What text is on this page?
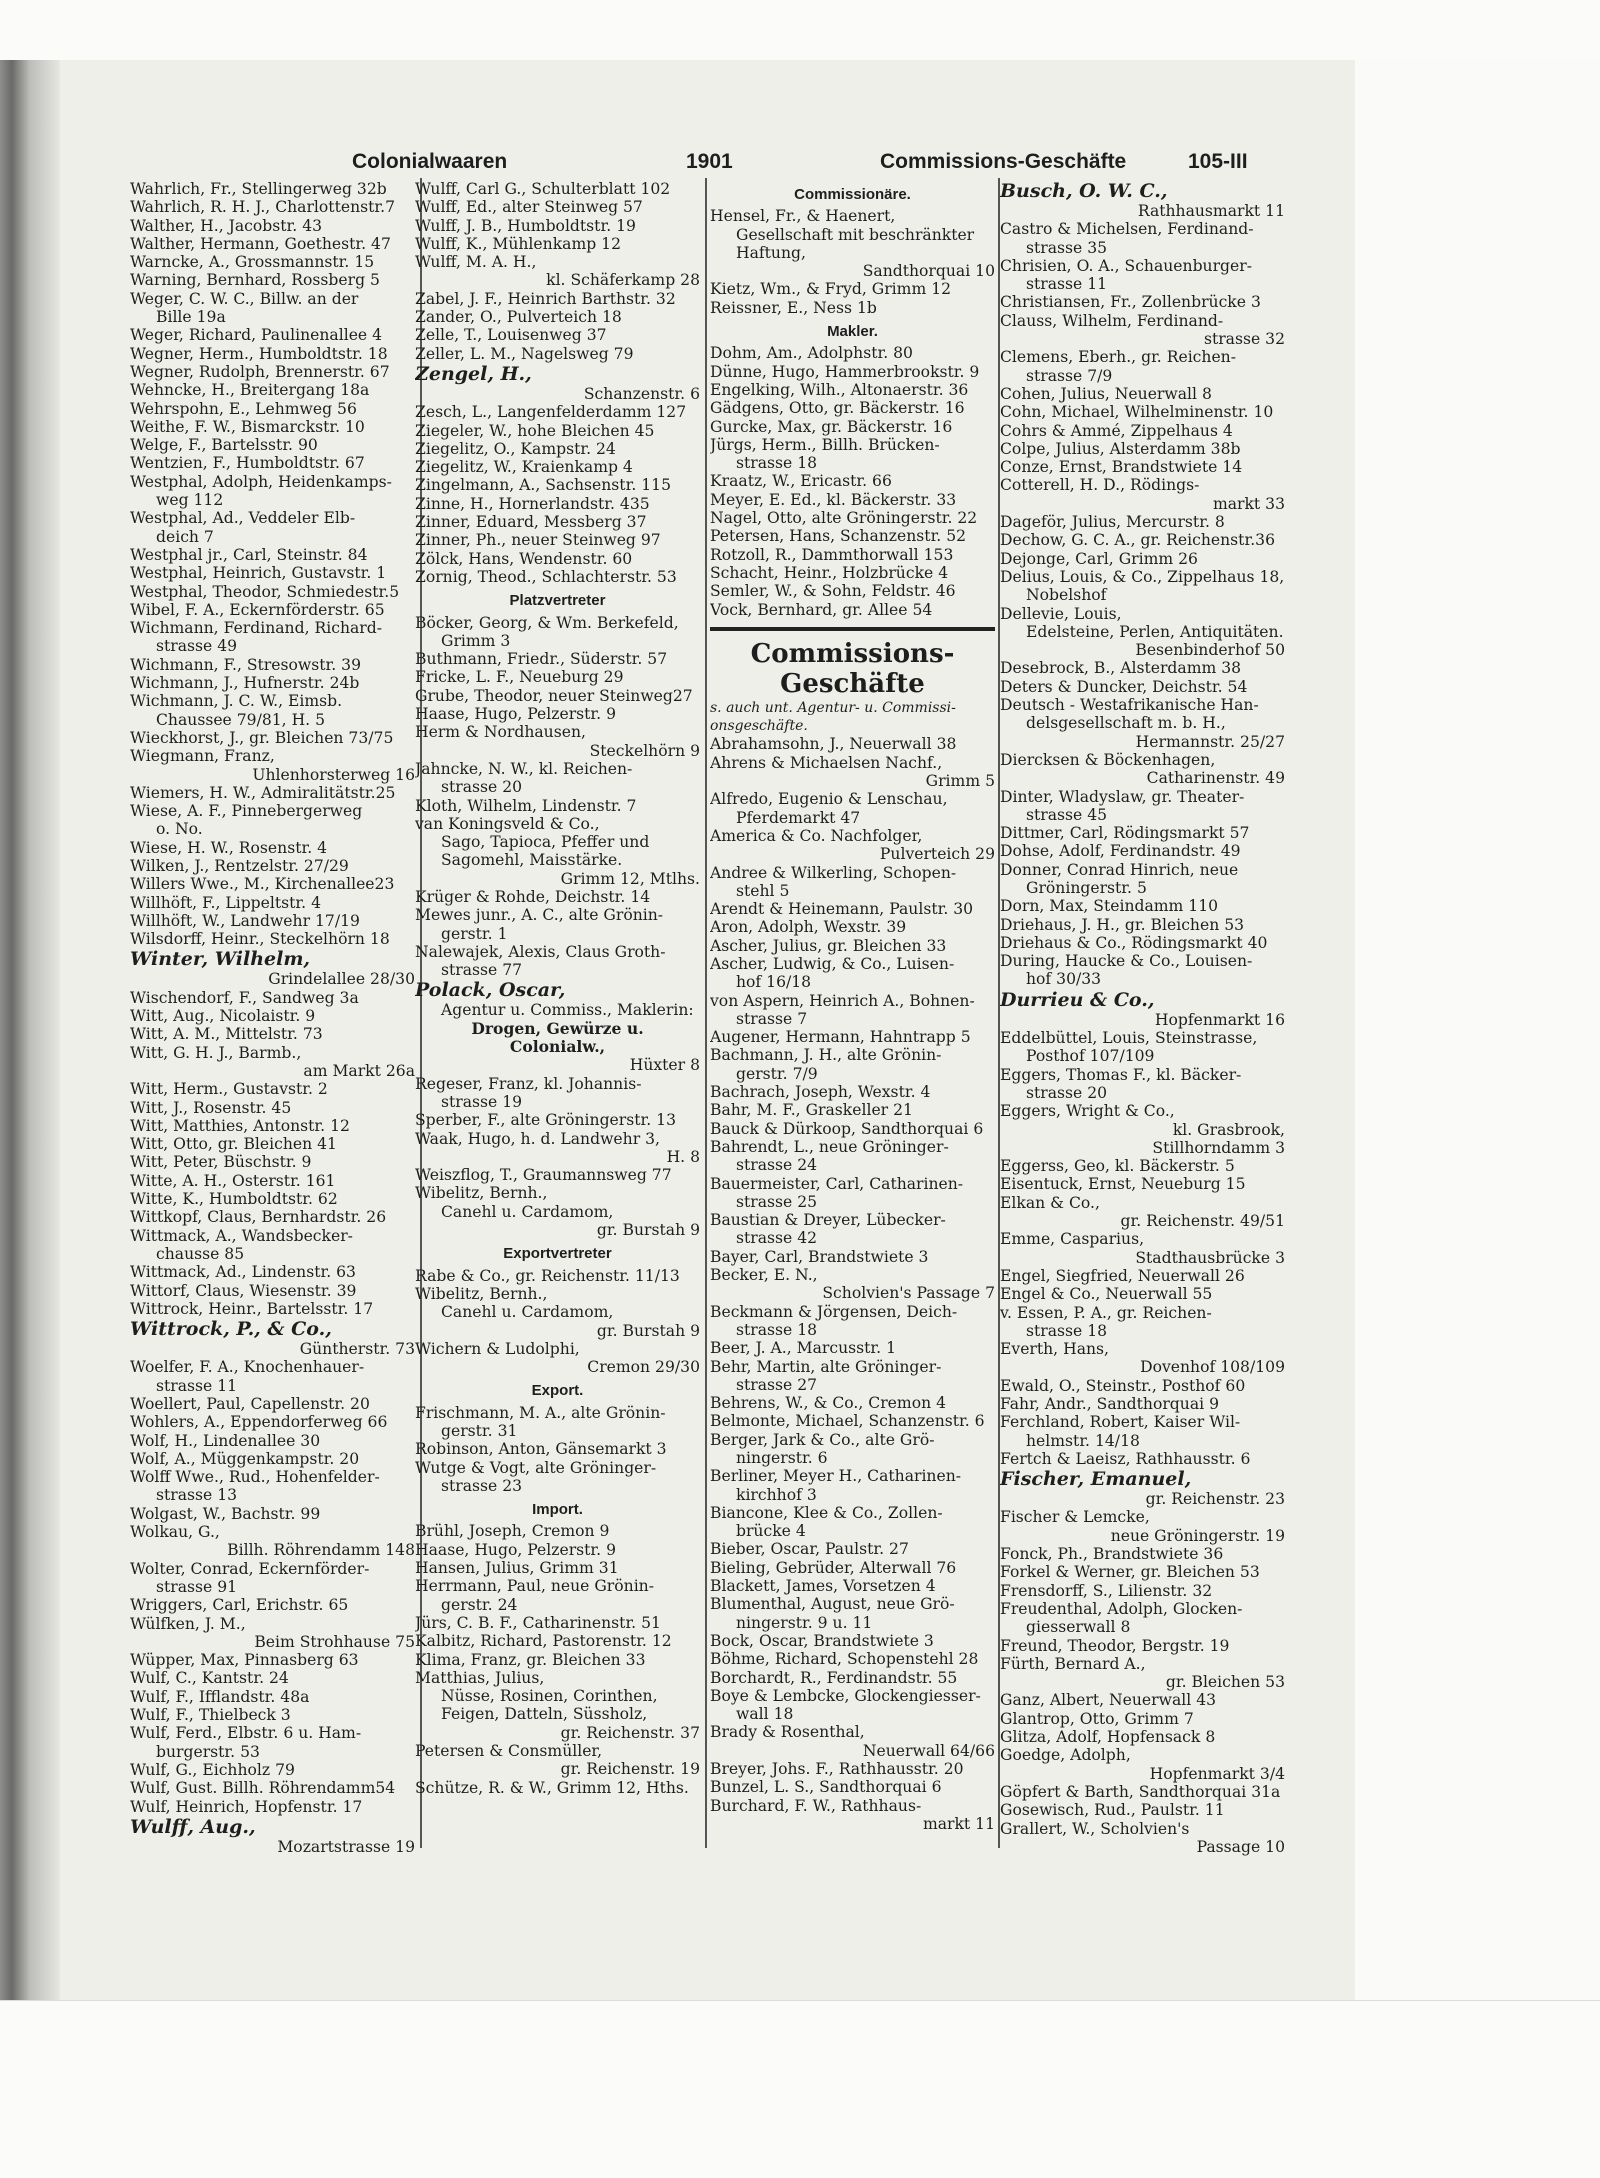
Colonialwaaren	1901	Commissions-Geschäfte	105-III
Wahrlich, Fr., Stellingerweg 32b
Wahrlich, R. H. J., Charlottenstr.7
Walther, H., Jacobstr. 43
Walther, Hermann, Goethestr. 47
Warncke, A., Grossmannstr. 15
Warning, Bernhard, Rossberg 5
Weger, C. W. C., Billw. an der
Bille 19a
Weger, Richard, Paulinenallee 4
Wegner, Herm., Humboldtstr. 18
Wegner, Rudolph, Brennerstr. 67
Wehncke, H., Breitergang 18a
Wehrspohn, E., Lehmweg 56
Weithe, F. W., Bismarckstr. 10
Welge, F., Bartelsstr. 90
Wentzien, F., Humboldtstr. 67
Westphal, Adolph, Heidenkamps-
weg 112
Westphal, Ad., Veddeler Elb-
deich 7
Westphal jr., Carl, Steinstr. 84
Westphal, Heinrich, Gustavstr. 1
Westphal, Theodor, Schmiedestr.5
Wibel, F. A., Eckernförderstr. 65
Wichmann, Ferdinand, Richard-
strasse 49
Wichmann, F., Stresowstr. 39
Wichmann, J., Hufnerstr. 24b
Wichmann, J. C. W., Eimsb.
Chaussee 79/81, H. 5
Wieckhorst, J., gr. Bleichen 73/75
Wiegmann, Franz,
Uhlenhorsterweg 16
Wiemers, H. W., Admiralitätstr.25
Wiese, A. F., Pinnebergerweg
o. No.
Wiese, H. W., Rosenstr. 4
Wilken, J., Rentzelstr. 27/29
Willers Wwe., M., Kirchenallee23
Willhöft, F., Lippeltstr. 4
Willhöft, W., Landwehr 17/19
Wilsdorff, Heinr., Steckelhörn 18
Winter, Wilhelm,
Grindelallee 28/30
Wischendorf, F., Sandweg 3a
Witt, Aug., Nicolaistr. 9
Witt, A. M., Mittelstr. 73
Witt, G. H. J., Barmb.,
am Markt 26a
Witt, Herm., Gustavstr. 2
Witt, J., Rosenstr. 45
Witt, Matthies, Antonstr. 12
Witt, Otto, gr. Bleichen 41
Witt, Peter, Büschstr. 9
Witte, A. H., Osterstr. 161
Witte, K., Humboldtstr. 62
Wittkopf, Claus, Bernhardstr. 26
Wittmack, A., Wandsbecker-
chausse 85
Wittmack, Ad., Lindenstr. 63
Wittorf, Claus, Wiesenstr. 39
Wittrock, Heinr., Bartelsstr. 17
Wittrock, P., & Co.,
Güntherstr. 73
Woelfer, F. A., Knochenhauer-
strasse 11
Woellert, Paul, Capellenstr. 20
Wohlers, A., Eppendorferweg 66
Wolf, H., Lindenallee 30
Wolf, A., Müggenkampstr. 20
Wolff Wwe., Rud., Hohenfelder-
strasse 13
Wolgast, W., Bachstr. 99
Wolkau, G.,
Billh. Röhrendamm 148
Wolter, Conrad, Eckernförder-
strasse 91
Wriggers, Carl, Erichstr. 65
Wülfken, J. M.,
Beim Strohhause 75
Wüpper, Max, Pinnasberg 63
Wulf, C., Kantstr. 24
Wulf, F., Ifflandstr. 48a
Wulf, F., Thielbeck 3
Wulf, Ferd., Elbstr. 6 u. Ham-
burgerstr. 53
Wulf, G., Eichholz 79
Wulf, Gust. Billh. Röhrendamm54
Wulf, Heinrich, Hopfenstr. 17
Wulff, Aug.,
Mozartstrasse 19
Wulff, Carl G., Schulterblatt 102
Wulff, Ed., alter Steinweg 57
Wulff, J. B., Humboldtstr. 19
Wulff, K., Mühlenkamp 12
Wulff, M. A. H.,
kl. Schäferkamp 28
Zabel, J. F., Heinrich Barthstr. 32
Zander, O., Pulverteich 18
Zelle, T., Louisenweg 37
Zeller, L. M., Nagelsweg 79
Zengel, H.,
Schanzenstr. 6
Zesch, L., Langenfelderdamm 127
Ziegeler, W., hohe Bleichen 45
Ziegelitz, O., Kampstr. 24
Ziegelitz, W., Kraienkamp 4
Zingelmann, A., Sachsenstr. 115
Zinne, H., Hornerlandstr. 435
Zinner, Eduard, Messberg 37
Zinner, Ph., neuer Steinweg 97
Zölck, Hans, Wendenstr. 60
Zornig, Theod., Schlachterstr. 53
Platzvertreter
Böcker, Georg, & Wm. Berkefeld,
Grimm 3
Buthmann, Friedr., Süderstr. 57
Fricke, L. F., Neueburg 29
Grube, Theodor, neuer Steinweg27
Haase, Hugo, Pelzerstr. 9
Herm & Nordhausen,
Steckelhörn 9
Jahncke, N. W., kl. Reichen-
strasse 20
Kloth, Wilhelm, Lindenstr. 7
van Koningsveld & Co.,
Sago, Tapioca, Pfeffer und
Sagomehl, Maisstärke.
Grimm 12, Mtlhs.
Krüger & Rohde, Deichstr. 14
Mewes junr., A. C., alte Grönin-
gerstr. 1
Nalewajek, Alexis, Claus Groth-
strasse 77
Polack, Oscar,
Agentur u. Commiss., Maklerin:
Drogen, Gewürze u.
Colonialw.,
Hüxter 8
Regeser, Franz, kl. Johannis-
strasse 19
Sperber, F., alte Gröningerstr. 13
Waak, Hugo, h. d. Landwehr 3,
H. 8
Weiszflog, T., Graumannsweg 77
Wibelitz, Bernh.,
Canehl u. Cardamom,
gr. Burstah 9
Exportvertreter
Rabe & Co., gr. Reichenstr. 11/13
Wibelitz, Bernh.,
Canehl u. Cardamom,
gr. Burstah 9
Wichern & Ludolphi,
Cremon 29/30
Export.
Frischmann, M. A., alte Grönin-
gerstr. 31
Robinson, Anton, Gänsemarkt 3
Wutge & Vogt, alte Gröninger-
strasse 23
Import.
Brühl, Joseph, Cremon 9
Haase, Hugo, Pelzerstr. 9
Hansen, Julius, Grimm 31
Herrmann, Paul, neue Grönin-
gerstr. 24
Jürs, C. B. F., Catharinenstr. 51
Kalbitz, Richard, Pastorenstr. 12
Klima, Franz, gr. Bleichen 33
Matthias, Julius,
Nüsse, Rosinen, Corinthen,
Feigen, Datteln, Süssholz,
gr. Reichenstr. 37
Petersen & Consmüller,
gr. Reichenstr. 19
Schütze, R. & W., Grimm 12, Hths.
Commissionäre.
Hensel, Fr., & Haenert,
Gesellschaft mit beschränkter
Haftung,
Sandthorquai 10
Kietz, Wm., & Fryd, Grimm 12
Reissner, E., Ness 1b
Makler.
Dohm, Am., Adolphstr. 80
Dünne, Hugo, Hammerbrookstr. 9
Engelking, Wilh., Altonaerstr. 36
Gädgens, Otto, gr. Bäckerstr. 16
Gurcke, Max, gr. Bäckerstr. 16
Jürgs, Herm., Billh. Brücken-
strasse 18
Kraatz, W., Ericastr. 66
Meyer, E. Ed., kl. Bäckerstr. 33
Nagel, Otto, alte Gröningerstr. 22
Petersen, Hans, Schanzenstr. 52
Rotzoll, R., Dammthorwall 153
Schacht, Heinr., Holzbrücke 4
Semler, W., & Sohn, Feldstr. 46
Vock, Bernhard, gr. Allee 54
Commissions-
Geschäfte
s. auch unt. Agentur- u. Commissi-
onsgeschäfte.
Abrahamsohn, J., Neuerwall 38
Ahrens & Michaelsen Nachf.,
Grimm 5
Alfredo, Eugenio & Lenschau,
Pferdemarkt 47
America & Co. Nachfolger,
Pulverteich 29
Andree & Wilkerling, Schopen-
stehl 5
Arendt & Heinemann, Paulstr. 30
Aron, Adolph, Wexstr. 39
Ascher, Julius, gr. Bleichen 33
Ascher, Ludwig, & Co., Luisen-
hof 16/18
von Aspern, Heinrich A., Bohnen-
strasse 7
Augener, Hermann, Hahntrapp 5
Bachmann, J. H., alte Grönin-
gerstr. 7/9
Bachrach, Joseph, Wexstr. 4
Bahr, M. F., Graskeller 21
Bauck & Dürkoop, Sandthorquai 6
Bahrendt, L., neue Gröninger-
strasse 24
Bauermeister, Carl, Catharinen-
strasse 25
Baustian & Dreyer, Lübecker-
strasse 42
Bayer, Carl, Brandstwiete 3
Becker, E. N.,
Scholvien's Passage 7
Beckmann & Jörgensen, Deich-
strasse 18
Beer, J. A., Marcusstr. 1
Behr, Martin, alte Gröninger-
strasse 27
Behrens, W., & Co., Cremon 4
Belmonte, Michael, Schanzenstr. 6
Berger, Jark & Co., alte Grö-
ningerstr. 6
Berliner, Meyer H., Catharinen-
kirchhof 3
Biancone, Klee & Co., Zollen-
brücke 4
Bieber, Oscar, Paulstr. 27
Bieling, Gebrüder, Alterwall 76
Blackett, James, Vorsetzen 4
Blumenthal, August, neue Grö-
ningerstr. 9 u. 11
Bock, Oscar, Brandstwiete 3
Böhme, Richard, Schopenstehl 28
Borchardt, R., Ferdinandstr. 55
Boye & Lembcke, Glockengiesser-
wall 18
Brady & Rosenthal,
Neuerwall 64/66
Breyer, Johs. F., Rathhausstr. 20
Bunzel, L. S., Sandthorquai 6
Burchard, F. W., Rathhaus-
markt 11
Busch, O. W. C.,
Rathhausmarkt 11
Castro & Michelsen, Ferdinand-
strasse 35
Chrisien, O. A., Schauenburger-
strasse 11
Christiansen, Fr., Zollenbrücke 3
Clauss, Wilhelm, Ferdinand-
strasse 32
Clemens, Eberh., gr. Reichen-
strasse 7/9
Cohen, Julius, Neuerwall 8
Cohn, Michael, Wilhelminenstr. 10
Cohrs & Ammé, Zippelhaus 4
Colpe, Julius, Alsterdamm 38b
Conze, Ernst, Brandstwiete 14
Cotterell, H. D., Rödings-
markt 33
Dageför, Julius, Mercurstr. 8
Dechow, G. C. A., gr. Reichenstr.36
Dejonge, Carl, Grimm 26
Delius, Louis, & Co., Zippelhaus 18,
Nobelshof
Dellevie, Louis,
Edelsteine, Perlen, Antiquitäten.
Besenbinderhof 50
Desebrock, B., Alsterdamm 38
Deters & Duncker, Deichstr. 54
Deutsch - Westafrikanische Han-
delsgesellschaft m. b. H.,
Hermannstr. 25/27
Diercksen & Böckenhagen,
Catharinenstr. 49
Dinter, Wladyslaw, gr. Theater-
strasse 45
Dittmer, Carl, Rödingsmarkt 57
Dohse, Adolf, Ferdinandstr. 49
Donner, Conrad Hinrich, neue
Gröningerstr. 5
Dorn, Max, Steindamm 110
Driehaus, J. H., gr. Bleichen 53
Driehaus & Co., Rödingsmarkt 40
During, Haucke & Co., Louisen-
hof 30/33
Durrieu & Co.,
Hopfenmarkt 16
Eddelbüttel, Louis, Steinstrasse,
Posthof 107/109
Eggers, Thomas F., kl. Bäcker-
strasse 20
Eggers, Wright & Co.,
kl. Grasbrook,
Stillhorndamm 3
Eggerss, Geo, kl. Bäckerstr. 5
Eisentuck, Ernst, Neueburg 15
Elkan & Co.,
gr. Reichenstr. 49/51
Emme, Casparius,
Stadthausbrücke 3
Engel, Siegfried, Neuerwall 26
Engel & Co., Neuerwall 55
v. Essen, P. A., gr. Reichen-
strasse 18
Everth, Hans,
Dovenhof 108/109
Ewald, O., Steinstr., Posthof 60
Fahr, Andr., Sandthorquai 9
Ferchland, Robert, Kaiser Wil-
helmstr. 14/18
Fertch & Laeisz, Rathhausstr. 6
Fischer, Emanuel,
gr. Reichenstr. 23
Fischer & Lemcke,
neue Gröningerstr. 19
Fonck, Ph., Brandstwiete 36
Forkel & Werner, gr. Bleichen 53
Frensdorff, S., Lilienstr. 32
Freudenthal, Adolph, Glocken-
giesserwall 8
Freund, Theodor, Bergstr. 19
Fürth, Bernard A.,
gr. Bleichen 53
Ganz, Albert, Neuerwall 43
Glantrop, Otto, Grimm 7
Glitza, Adolf, Hopfensack 8
Goedge, Adolph,
Hopfenmarkt 3/4
Göpfert & Barth, Sandthorquai 31a
Gosewisch, Rud., Paulstr. 11
Grallert, W., Scholvien's
Passage 10
